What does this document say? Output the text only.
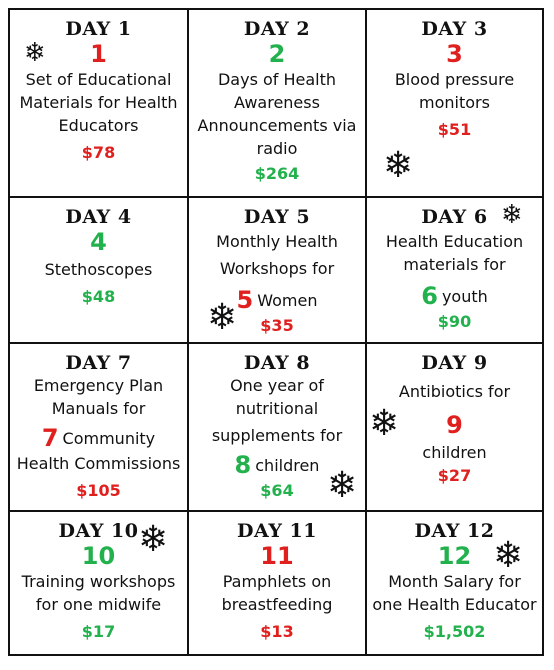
DAY 1
1
Set of Educational
Materials for Health
Educators
$78
❄
DAY 2
2
Days of Health
Awareness
Announcements via
radio
$264
DAY 3
3
Blood pressure
monitors
$51
❄
DAY 4
4
Stethoscopes
$48
DAY 5
Monthly Health
Workshops for
5 Women
$35
❄
DAY 6
Health Education
materials for
6 youth
$90
❄
DAY 7
Emergency Plan
Manuals for
7 Community
Health Commissions
$105
DAY 8
One year of
nutritional
supplements for
8 children
$64 ❄
DAY 9
Antibiotics for
9
children
$27
❄
DAY 10
10
Training workshops
for one midwife
$17
❄	DAY 11
11
Pamphlets on
breastfeeding
$13
DAY 12
12
Month Salary for
one Health Educator
$1,502
❄
